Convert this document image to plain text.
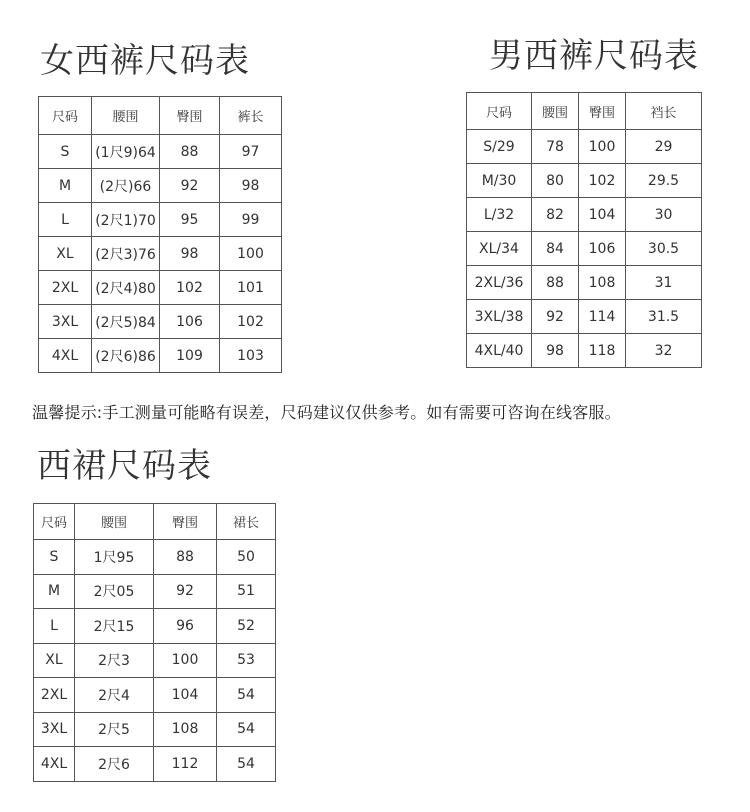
女西裤尺码表
尺码	腰围	臀围	裤长
S	(1尺9)64	88	97
M	(2尺)66	92	98
L	(2尺1)70	95	99
XL	(2尺3)76	98	100
2XL	(2尺4)80	102	101
3XL	(2尺5)84	106	102
4XL	(2尺6)86	109	103
男西裤尺码表
尺码	腰围	臀围	裆长
S/29	78	100	29
M/30	80	102	29.5
L/32	82	104	30
XL/34	84	106	30.5
2XL/36	88	108	31
3XL/38	92	114	31.5
4XL/40	98	118	32
温馨提示:手工测量可能略有误差，尺码建议仅供参考。如有需要可咨询在线客服。
西裙尺码表
尺码	腰围	臀围	裙长
S	1尺95	88	50
M	2尺05	92	51
L	2尺15	96	52
XL	2尺3	100	53
2XL	2尺4	104	54
3XL	2尺5	108	54
4XL	2尺6	112	54
